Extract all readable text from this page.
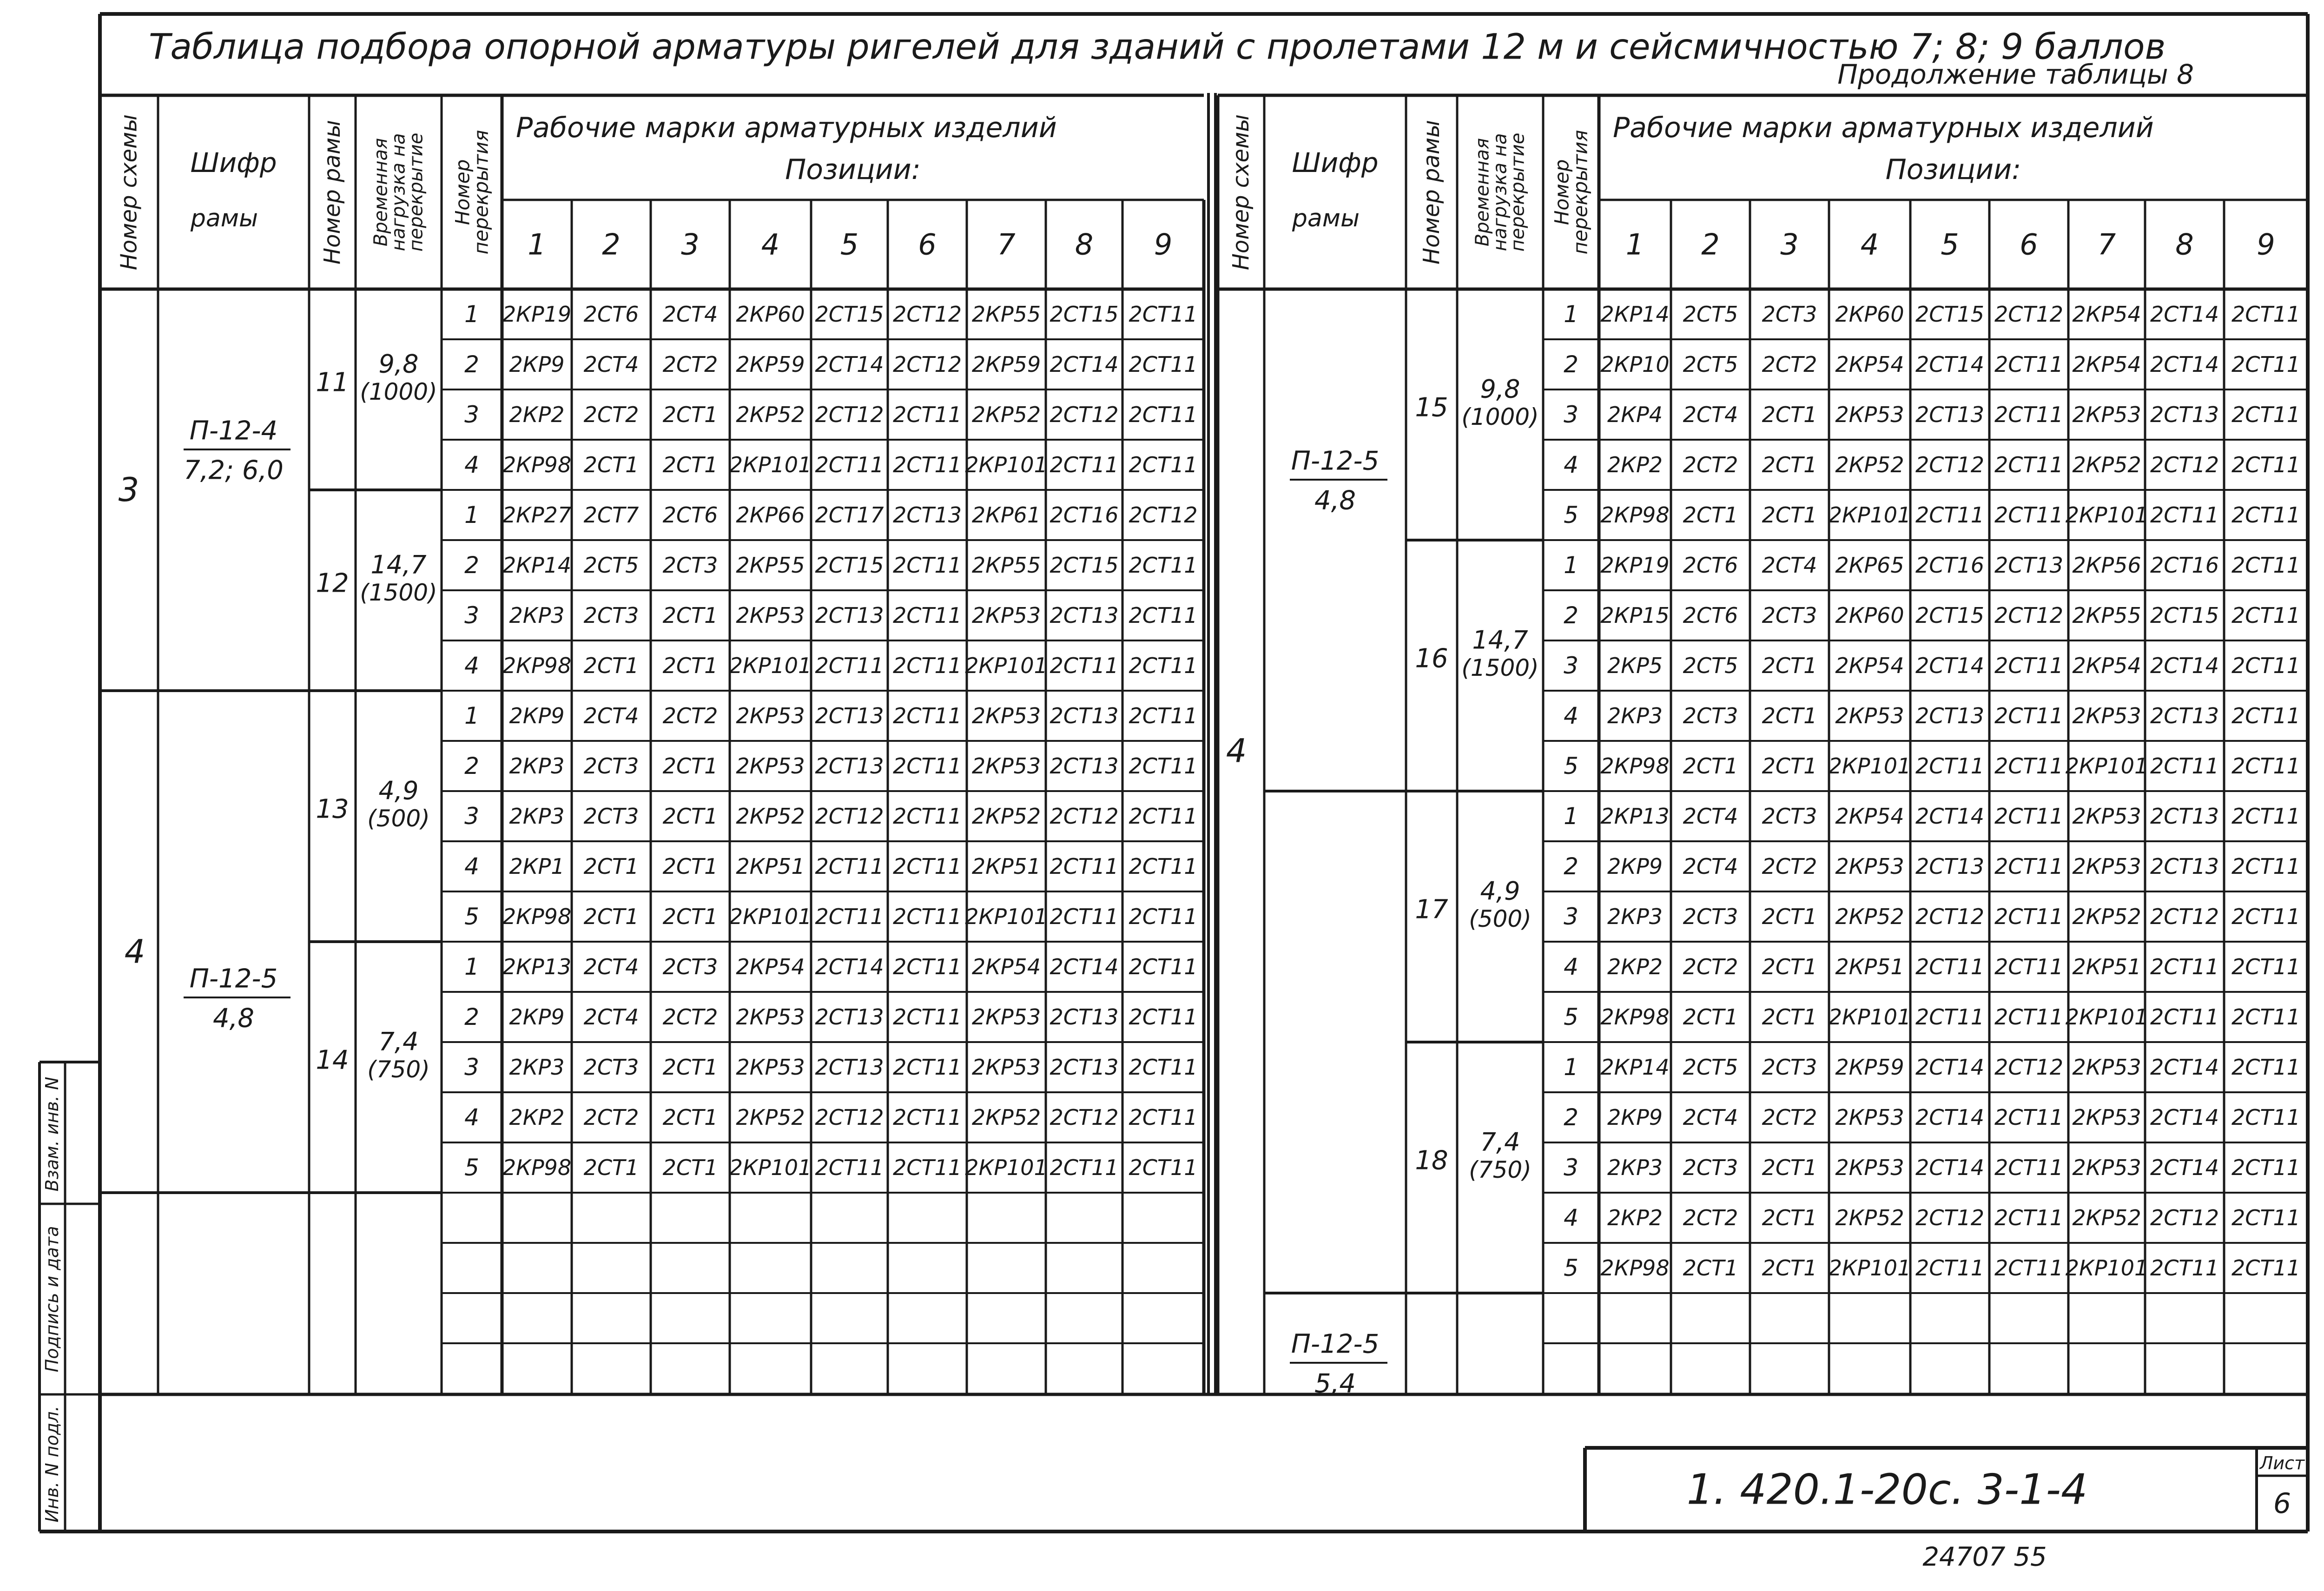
Таблица подбора опорной арматуры ригелей для зданий с пролетами 12 м и сейсмичностью 7; 8; 9 баллов
Продолжение таблицы 8
Номер схемы Шифр
рамы	Номер рамы Временная
нагрузка на
перекрытие Номер
перекрытия
Рабочие марки арматурных изделий
Позиции:
1 2 3 4 5 6 7 8 9
1 2КР19 2СТ6 2СТ4 2КР60 2СТ15 2СТ12 2КР55 2СТ15 2СТ11
2 2КР9 2СТ4 2СТ2 2КР59 2СТ14 2СТ12 2КР59 2СТ14 2СТ11
3 2КР2 2СТ2 2СТ1 2КР52 2СТ12 2СТ11 2КР52 2СТ12 2СТ11
4 2КР98 2СТ1 2СТ1 2КР101 2СТ11 2СТ11 2КР101 2СТ11 2СТ11
1 2КР27 2СТ7 2СТ6 2КР66 2СТ17 2СТ13 2КР61 2СТ16 2СТ12
2 2КР14 2СТ5 2СТ3 2КР55 2СТ15 2СТ11 2КР55 2СТ15 2СТ11
3 2КР3 2СТ3 2СТ1 2КР53 2СТ13 2СТ11 2КР53 2СТ13 2СТ11
4 2КР98 2СТ1 2СТ1 2КР101 2СТ11 2СТ11 2КР101 2СТ11 2СТ11
1 2КР9 2СТ4 2СТ2 2КР53 2СТ13 2СТ11 2КР53 2СТ13 2СТ11
2 2КР3 2СТ3 2СТ1 2КР53 2СТ13 2СТ11 2КР53 2СТ13 2СТ11
3 2КР3 2СТ3 2СТ1 2КР52 2СТ12 2СТ11 2КР52 2СТ12 2СТ11
4 2КР1 2СТ1 2СТ1 2КР51 2СТ11 2СТ11 2КР51 2СТ11 2СТ11
5 2КР98 2СТ1 2СТ1 2КР101 2СТ11 2СТ11 2КР101 2СТ11 2СТ11
1 2КР13 2СТ4 2СТ3 2КР54 2СТ14 2СТ11 2КР54 2СТ14 2СТ11
2 2КР9 2СТ4 2СТ2 2КР53 2СТ13 2СТ11 2КР53 2СТ13 2СТ11
3 2КР3 2СТ3 2СТ1 2КР53 2СТ13 2СТ11 2КР53 2СТ13 2СТ11
4 2КР2 2СТ2 2СТ1 2КР52 2СТ12 2СТ11 2КР52 2СТ12 2СТ11
5 2КР98 2СТ1 2СТ1 2КР101 2СТ11 2СТ11 2КР101 2СТ11 2СТ11
11
9,8
(1000)
12
14,7
(1500)
13
4,9
(500)
14
7,4
(750)
П-12-4
7,2; 6,0
П-12-5
4,8
3
4
Номер схемы Шифр
рамы	Номер рамы Временная
нагрузка на
перекрытие Номер
перекрытия
Рабочие марки арматурных изделий
Позиции:
1 2 3 4 5 6 7 8 9
1 2КР14 2СТ5 2СТ3 2КР60 2СТ15 2СТ12 2КР54 2СТ14 2СТ11
2 2КР10 2СТ5 2СТ2 2КР54 2СТ14 2СТ11 2КР54 2СТ14 2СТ11
3 2КР4 2СТ4 2СТ1 2КР53 2СТ13 2СТ11 2КР53 2СТ13 2СТ11
4 2КР2 2СТ2 2СТ1 2КР52 2СТ12 2СТ11 2КР52 2СТ12 2СТ11
5 2КР98 2СТ1 2СТ1 2КР101 2СТ11 2СТ11 2КР101 2СТ11 2СТ11
1 2КР19 2СТ6 2СТ4 2КР65 2СТ16 2СТ13 2КР56 2СТ16 2СТ11
2 2КР15 2СТ6 2СТ3 2КР60 2СТ15 2СТ12 2КР55 2СТ15 2СТ11
3 2КР5 2СТ5 2СТ1 2КР54 2СТ14 2СТ11 2КР54 2СТ14 2СТ11
4 2КР3 2СТ3 2СТ1 2КР53 2СТ13 2СТ11 2КР53 2СТ13 2СТ11
5 2КР98 2СТ1 2СТ1 2КР101 2СТ11 2СТ11 2КР101 2СТ11 2СТ11
1 2КР13 2СТ4 2СТ3 2КР54 2СТ14 2СТ11 2КР53 2СТ13 2СТ11
2 2КР9 2СТ4 2СТ2 2КР53 2СТ13 2СТ11 2КР53 2СТ13 2СТ11
3 2КР3 2СТ3 2СТ1 2КР52 2СТ12 2СТ11 2КР52 2СТ12 2СТ11
4 2КР2 2СТ2 2СТ1 2КР51 2СТ11 2СТ11 2КР51 2СТ11 2СТ11
5 2КР98 2СТ1 2СТ1 2КР101 2СТ11 2СТ11 2КР101 2СТ11 2СТ11
1 2КР14 2СТ5 2СТ3 2КР59 2СТ14 2СТ12 2КР53 2СТ14 2СТ11
2 2КР9 2СТ4 2СТ2 2КР53 2СТ14 2СТ11 2КР53 2СТ14 2СТ11
3 2КР3 2СТ3 2СТ1 2КР53 2СТ14 2СТ11 2КР53 2СТ14 2СТ11
4 2КР2 2СТ2 2СТ1 2КР52 2СТ12 2СТ11 2КР52 2СТ12 2СТ11
5 2КР98 2СТ1 2СТ1 2КР101 2СТ11 2СТ11 2КР101 2СТ11 2СТ11
15
9,8
(1000)
16
14,7
(1500)
17
4,9
(500)
18
7,4
(750)
П-12-5
4,8
П-12-5
5,4
4
1. 420.1-20с. 3-1-4
Лист
6
Взам. инв. N
Подпись и дата
Инв. N подл.
24707 55
